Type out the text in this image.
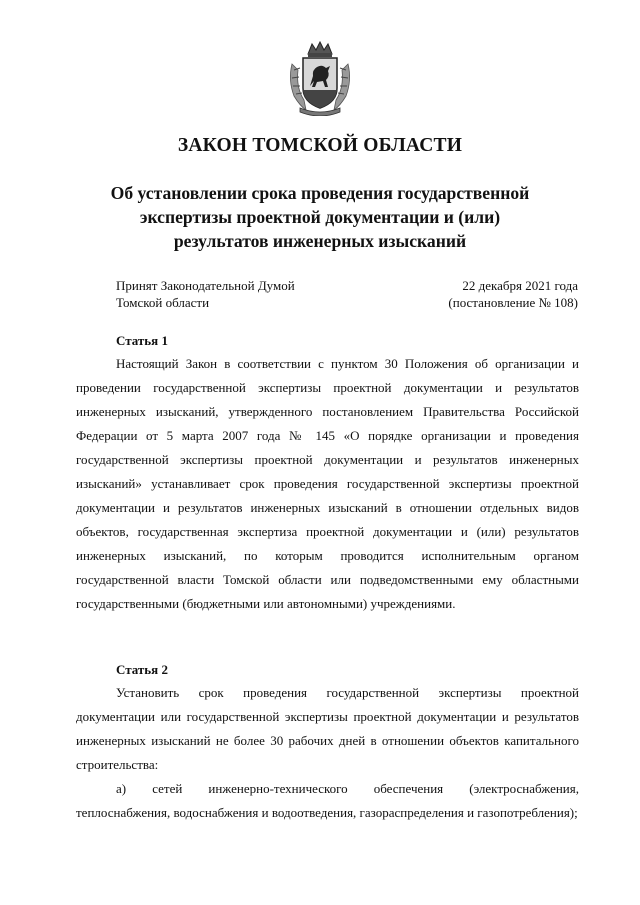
ЗАКОН ТОМСКОЙ ОБЛАСТИ
Об установлении срока проведения государственной
экспертизы проектной документации и (или)
результатов инженерных изысканий
Принят Законодательной Думой
Томской области
22 декабря 2021 года
(постановление № 108)
Статья 1

Настоящий Закон в соответствии с пунктом 30 Положения об организации и проведении государственной экспертизы проектной документации и результатов инженерных изысканий, утвержденного постановлением Правительства Российской Федерации от 5 марта 2007 года № 145 «О порядке организации и проведения государственной экспертизы проектной документации и результатов инженерных изысканий» устанавливает срок проведения государственной экспертизы проектной документации и результатов инженерных изысканий в отношении отдельных видов объектов, государственная экспертиза проектной документации и (или) результатов инженерных изысканий, по которым проводится исполнительным органом государственной власти Томской области или подведомственными ему областными государственными (бюджетными или автономными) учреждениями.

Статья 2

Установить срок проведения государственной экспертизы проектной документации или государственной экспертизы проектной документации и результатов инженерных изысканий не более 30 рабочих дней в отношении объектов капитального строительства:

а) сетей инженерно-технического обеспечения (электроснабжения, теплоснабжения, водоснабжения и водоотведения, газораспределения и газопотребления);
